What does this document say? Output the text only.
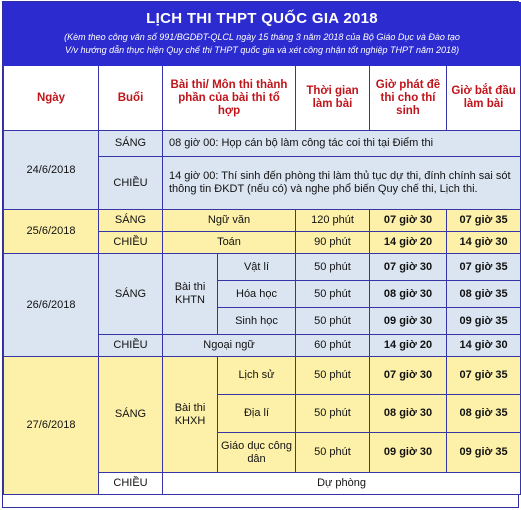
LỊCH THI THPT QUỐC GIA 2018						

(Kèm theo công văn số 991/BGDĐT-QLCL ngày 15 tháng 3 năm 2018 của Bộ Giáo Dục và Đào tạo
V/v hướng dẫn thực hiện Quy chế thi THPT quốc gia và xét công nhận tốt nghiệp THPT năm 2018)						

Ngày	Buổi	Bài thi/ Môn thi thành phần của bài thi tổ hợp		Thời gian làm bài	Giờ phát đề thi cho thí sinh	Giờ bắt đầu làm bài
24/6/2018	SÁNG	08 giờ 00: Họp cán bộ làm công tác coi thi tại Điểm thi				
	CHIỀU	14 giờ 00: Thí sinh đến phòng thi làm thủ tục dự thi, đính chính sai sót thông tin ĐKDT (nếu có) và nghe phổ biến Quy chế thi, Lịch thi.				
25/6/2018	SÁNG	Ngữ văn		120 phút	07 giờ 30	07 giờ 35
	CHIỀU	Toán		90 phút	14 giờ 20	14 giờ 30
26/6/2018	SÁNG	Bài thi KHTN	Vật lí	50 phút	07 giờ 30	07 giờ 35
			Hóa học	50 phút	08 giờ 30	08 giờ 35
			Sinh học	50 phút	09 giờ 30	09 giờ 35
	CHIỀU	Ngoại ngữ		60 phút	14 giờ 20	14 giờ 30
27/6/2018	SÁNG	Bài thi KHXH	Lịch sử	50 phút	07 giờ 30	07 giờ 35
			Địa lí	50 phút	08 giờ 30	08 giờ 35
			Giáo dục công dân	50 phút	09 giờ 30	09 giờ 35
	CHIỀU	Dự phòng				
